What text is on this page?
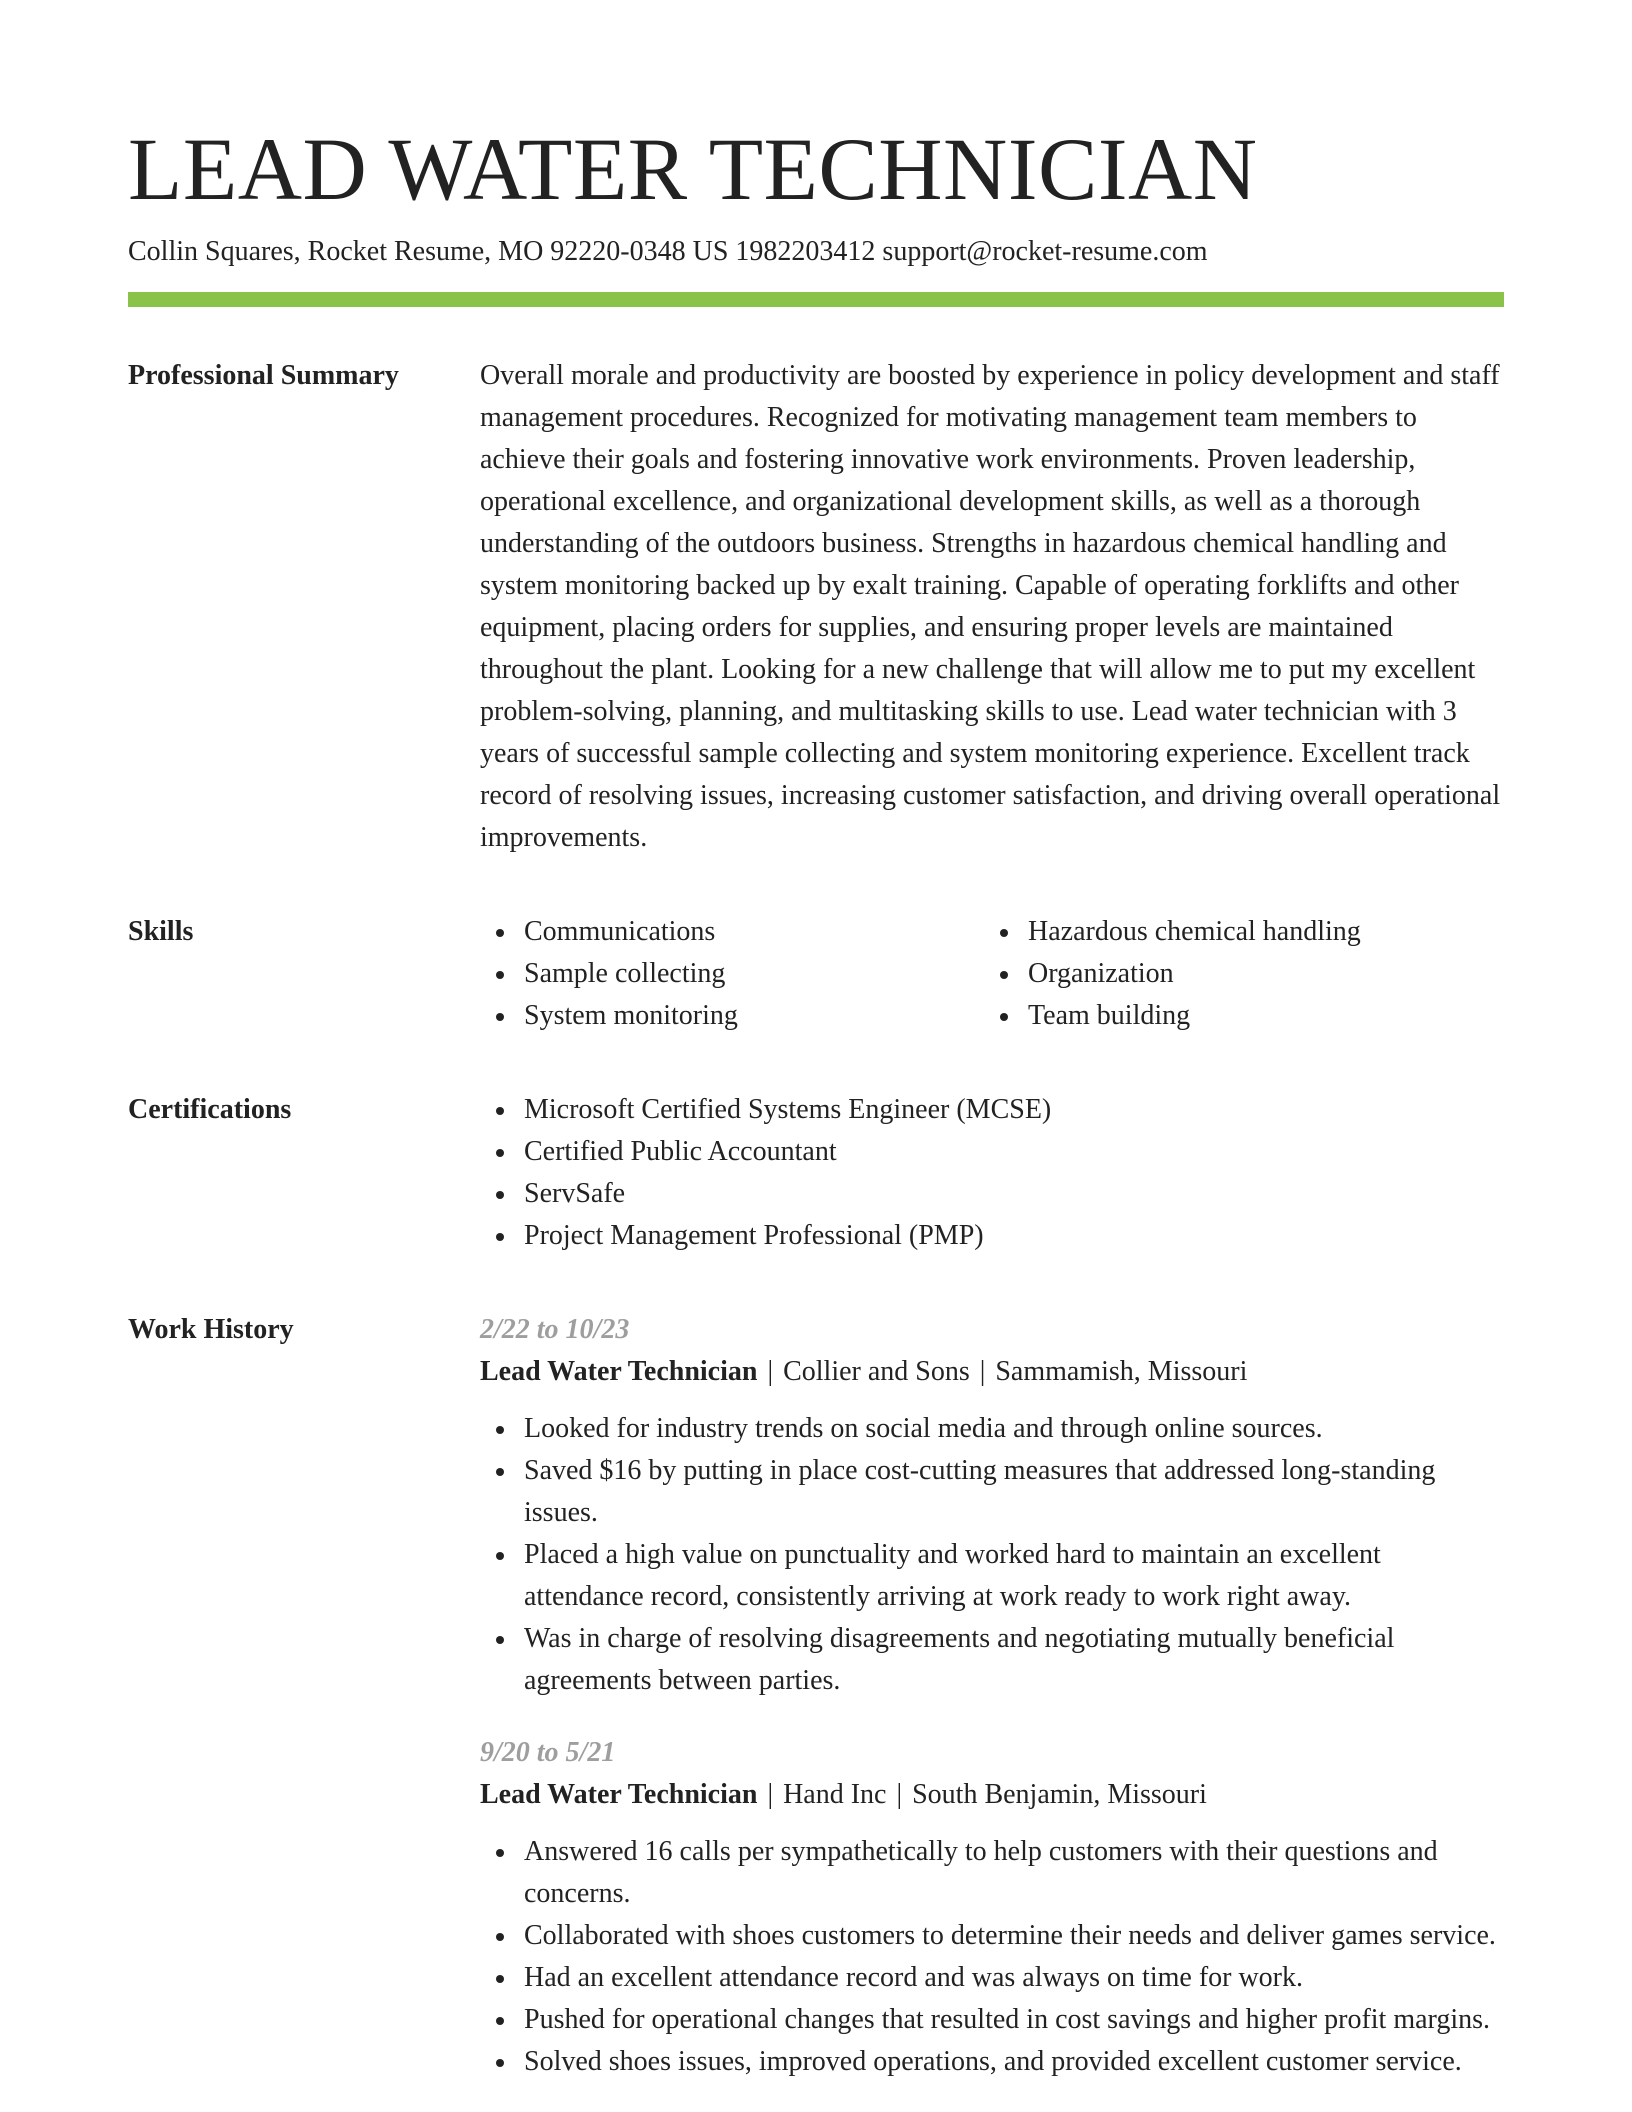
LEAD WATER TECHNICIAN
Collin Squares, Rocket Resume, MO 92220-0348 US 1982203412 support@rocket-resume.com
Professional Summary	Overall morale and productivity are boosted by experience in policy development and staff management procedures. Recognized for motivating management team members to achieve their goals and fostering innovative work environments. Proven leadership, operational excellence, and organizational development skills, as well as a thorough understanding of the outdoors business. Strengths in hazardous chemical handling and system monitoring backed up by exalt training. Capable of operating forklifts and other equipment, placing orders for supplies, and ensuring proper levels are maintained throughout the plant. Looking for a new challenge that will allow me to put my excellent problem-solving, planning, and multitasking skills to use. Lead water technician with 3 years of successful sample collecting and system monitoring experience. Excellent track record of resolving issues, increasing customer satisfaction, and driving overall operational improvements.

Skills	Communications
Sample collecting
System monitoring
Hazardous chemical handling
Organization
Team building
Certifications	Microsoft Certified Systems Engineer (MCSE)
Certified Public Accountant
ServSafe
Project Management Professional (PMP)
Work History	2/22 to 10/23
Lead Water Technician | Collier and Sons | Sammamish, Missouri
Looked for industry trends on social media and through online sources.
Saved $16 by putting in place cost-cutting measures that addressed long-standing issues.
Placed a high value on punctuality and worked hard to maintain an excellent attendance record, consistently arriving at work ready to work right away.
Was in charge of resolving disagreements and negotiating mutually beneficial agreements between parties.
9/20 to 5/21
Lead Water Technician | Hand Inc | South Benjamin, Missouri
Answered 16 calls per sympathetically to help customers with their questions and concerns.
Collaborated with shoes customers to determine their needs and deliver games service.
Had an excellent attendance record and was always on time for work.
Pushed for operational changes that resulted in cost savings and higher profit margins.
Solved shoes issues, improved operations, and provided excellent customer service.
